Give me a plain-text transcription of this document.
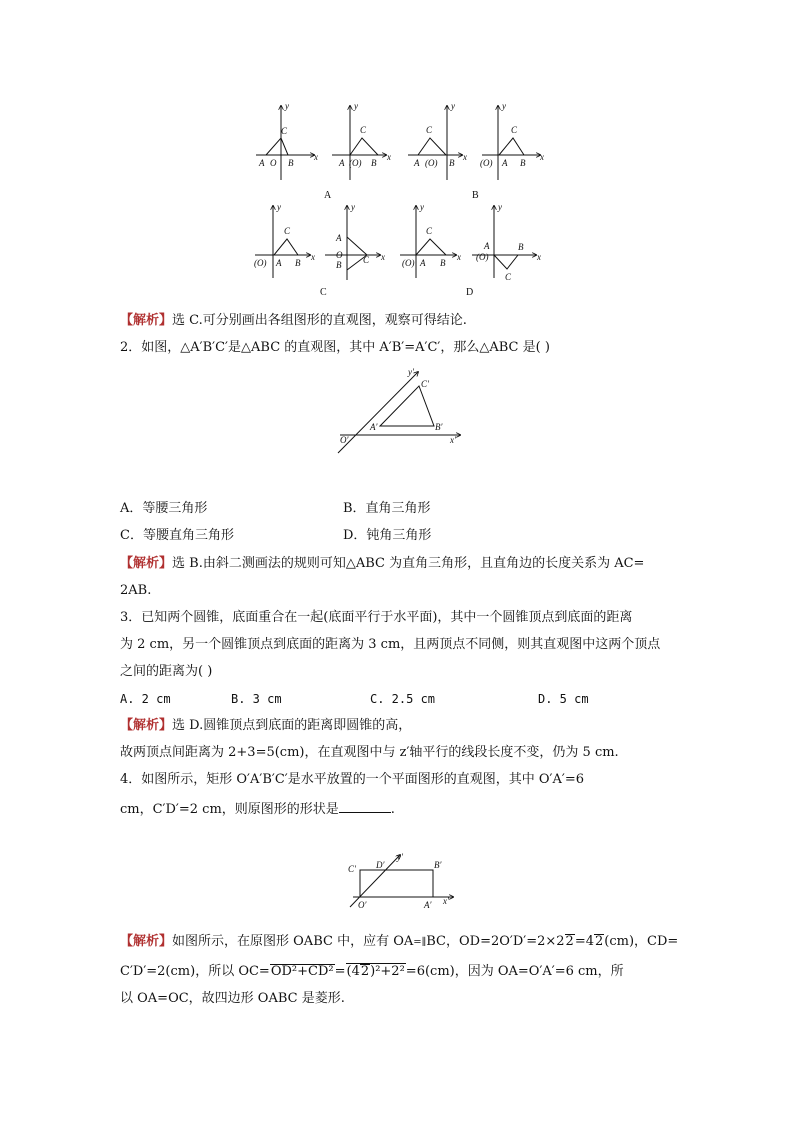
y
C
A O B
x
y
C
A (O) B
x
y
C
A (O) B
x
y
C
(O) A B
x
y
C
(O) A B
x
y
A
O
B C x
y
C
(O) A B
x
y
A
(O)
B
C
x
A	B
C	D
【解析】选 C.可分别画出各组图形的直观图，观察可得结论.
2．如图，△A′B′C′是△ABC 的直观图，其中 A′B′=A′C′，那么△ABC 是( )
y′
C′
A′	B′
O′	x′
A．等腰三角形	B．直角三角形
C．等腰直角三角形	D．钝角三角形
【解析】选 B.由斜二测画法的规则可知△ABC 为直角三角形，且直角边的长度关系为 AC=
2AB.
3．已知两个圆锥，底面重合在一起(底面平行于水平面)，其中一个圆锥顶点到底面的距离
为 2 cm，另一个圆锥顶点到底面的距离为 3 cm，且两顶点不同侧，则其直观图中这两个顶点
之间的距离为( )
A. 2 cm	B. 3 cm	C. 2.5 cm	D. 5 cm
【解析】选 D.圆锥顶点到底面的距离即圆锥的高，
故两顶点间距离为 2+3=5(cm)，在直观图中与 z′轴平行的线段长度不变，仍为 5 cm.
4．如图所示，矩形 O′A′B′C′是水平放置的一个平面图形的直观图，其中 O′A′=6
cm，C′D′=2 cm，则原图形的形状是	.
C′ D′
y′
B′
O′	A′ x′
【解析】如图所示，在原图形 OABC 中，应有 OA=∥BC，OD=2O′D′=2×22=42(cm)，CD=
C′D′=2(cm)，所以 OC=OD²+CD²=(42)²+2²=6(cm)，因为 OA=O′A′=6 cm，所
以 OA=OC，故四边形 OABC 是菱形.
